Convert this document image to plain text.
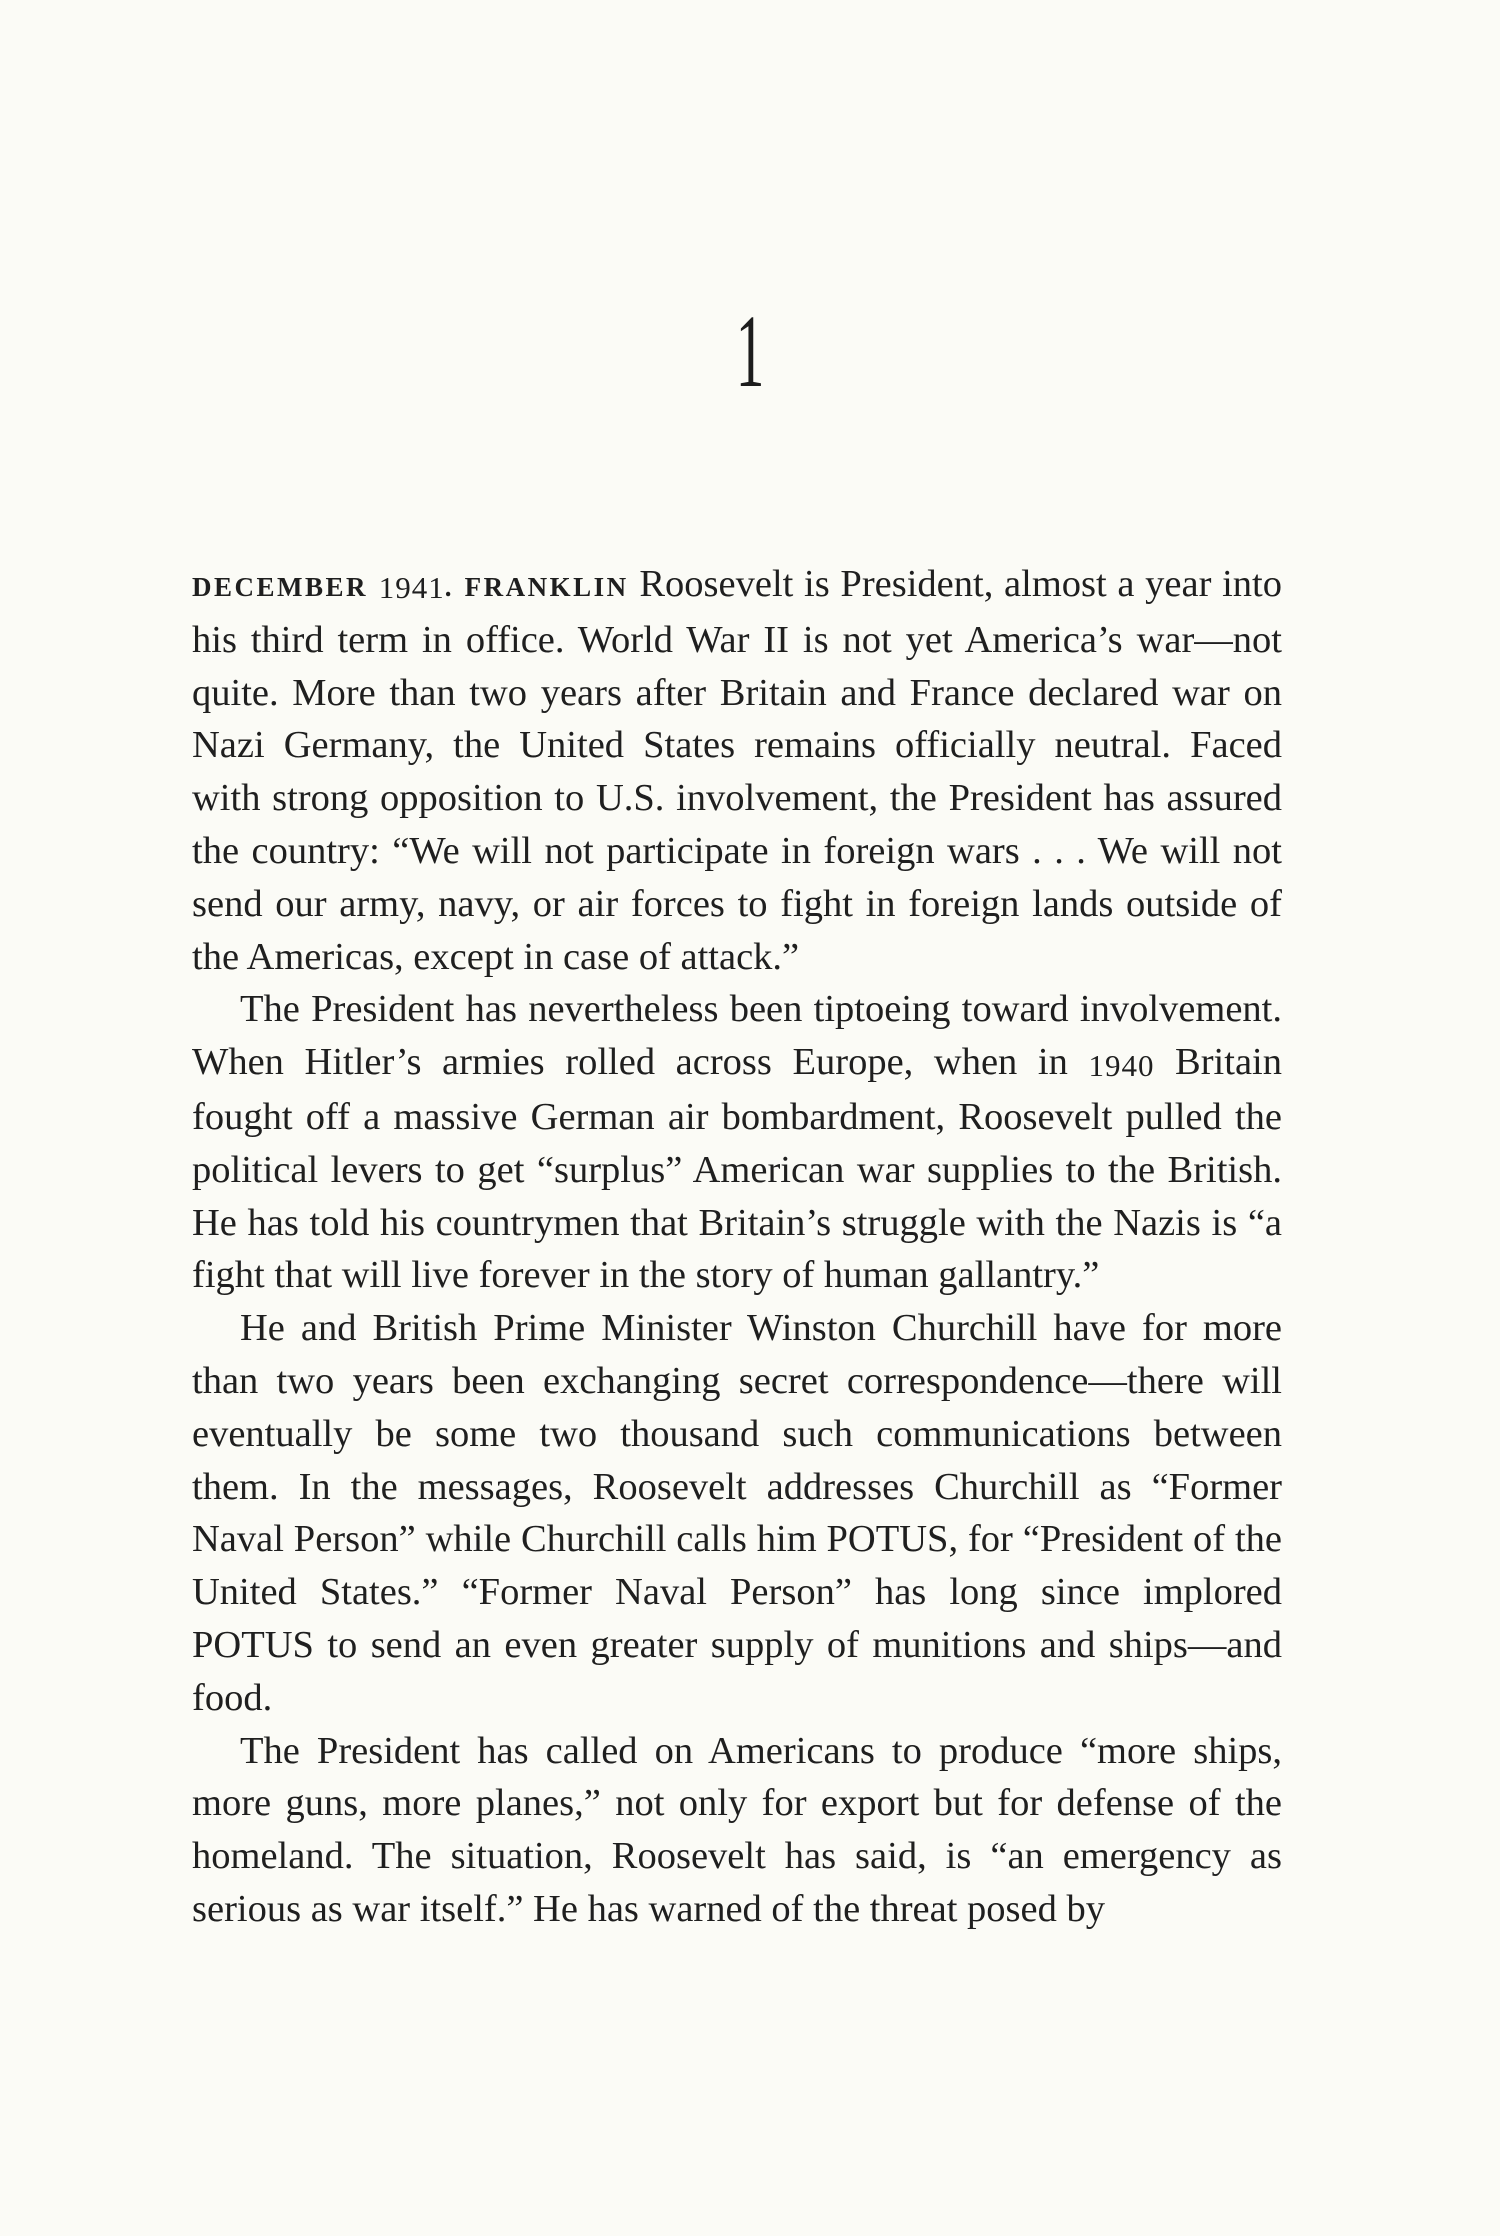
1

DECEMBER 1941. FRANKLIN Roosevelt is President, almost a year into his third term in office. World War II is not yet America’s war—not quite. More than two years after Britain and France declared war on Nazi Germany, the United States remains officially neutral. Faced with strong opposition to U.S. involvement, the President has assured the country: “We will not participate in foreign wars . . . We will not send our army, navy, or air forces to fight in foreign lands outside of the Americas, except in case of attack.”

The President has nevertheless been tiptoeing toward involvement. When Hitler’s armies rolled across Europe, when in 1940 Britain fought off a massive German air bombardment, Roosevelt pulled the political levers to get “surplus” American war supplies to the British. He has told his countrymen that Britain’s struggle with the Nazis is “a fight that will live forever in the story of human gallantry.”

He and British Prime Minister Winston Churchill have for more than two years been exchanging secret correspondence—there will eventually be some two thousand such communications between them. In the messages, Roosevelt addresses Churchill as “Former Naval Person” while Churchill calls him POTUS, for “President of the United States.” “Former Naval Person” has long since implored POTUS to send an even greater supply of munitions and ships—and food.

The President has called on Americans to produce “more ships, more guns, more planes,” not only for export but for defense of the homeland. The situation, Roosevelt has said, is “an emergency as serious as war itself.” He has warned of the threat posed by
